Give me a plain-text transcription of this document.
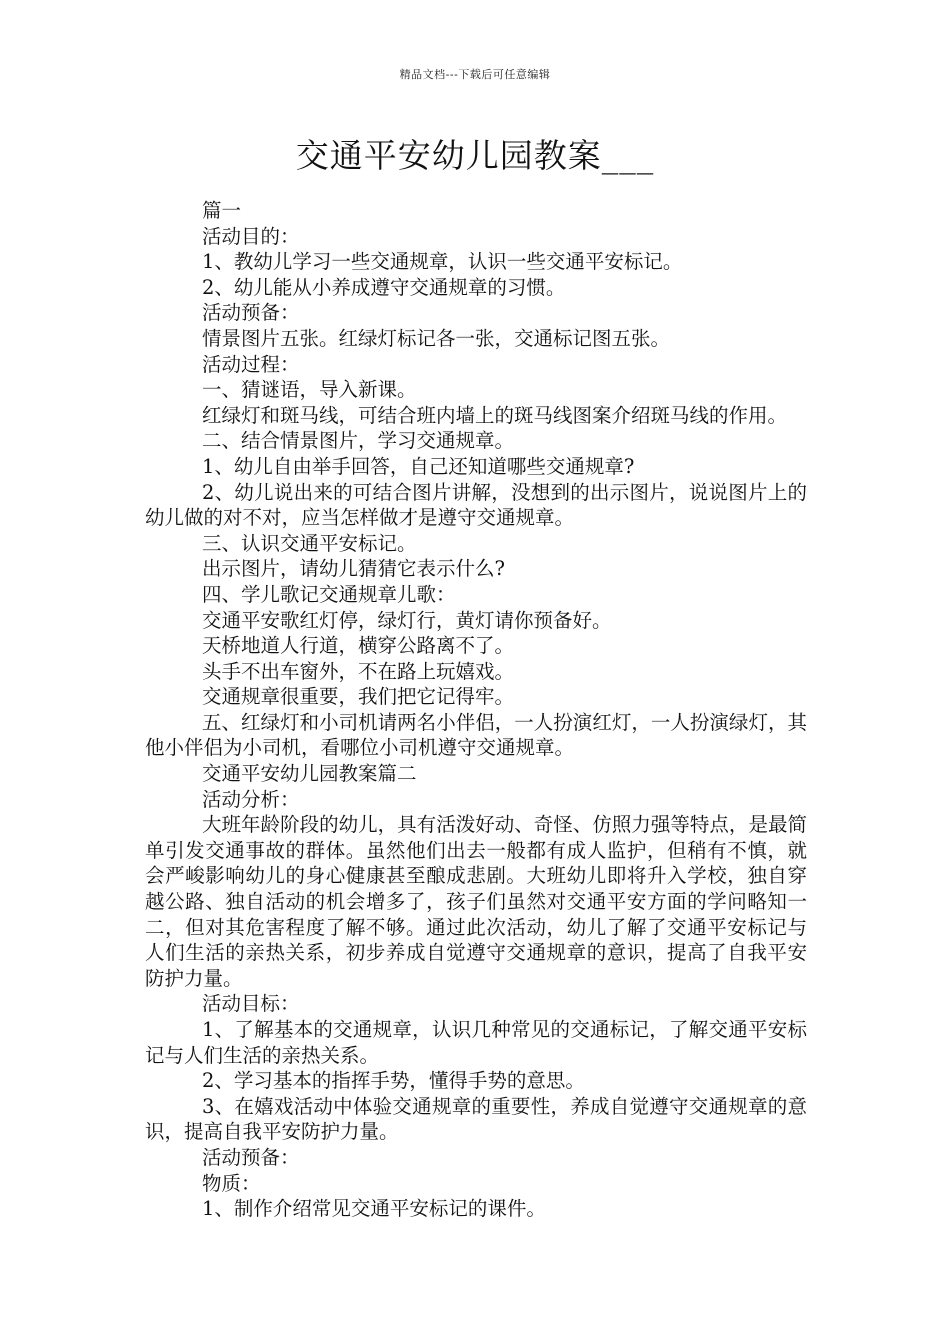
精品文档---下载后可任意编辑
交通平安幼儿园教案___

篇一

活动目的：

1、教幼儿学习一些交通规章，认识一些交通平安标记。

2、幼儿能从小养成遵守交通规章的习惯。

活动预备：

情景图片五张。红绿灯标记各一张，交通标记图五张。

活动过程：

一、猜谜语，导入新课。

红绿灯和斑马线，可结合班内墙上的斑马线图案介绍斑马线的作用。

二、结合情景图片，学习交通规章。

1、幼儿自由举手回答，自己还知道哪些交通规章?

2、幼儿说出来的可结合图片讲解，没想到的出示图片，说说图片上的幼儿做的对不对，应当怎样做才是遵守交通规章。

三、认识交通平安标记。

出示图片，请幼儿猜猜它表示什么?

四、学儿歌记交通规章儿歌：

交通平安歌红灯停，绿灯行，黄灯请你预备好。

天桥地道人行道，横穿公路离不了。

头手不出车窗外，不在路上玩嬉戏。

交通规章很重要，我们把它记得牢。

五、红绿灯和小司机请两名小伴侣，一人扮演红灯，一人扮演绿灯，其他小伴侣为小司机，看哪位小司机遵守交通规章。

交通平安幼儿园教案篇二

活动分析：

大班年龄阶段的幼儿，具有活泼好动、奇怪、仿照力强等特点，是最简单引发交通事故的群体。虽然他们出去一般都有成人监护，但稍有不慎，就会严峻影响幼儿的身心健康甚至酿成悲剧。大班幼儿即将升入学校，独自穿越公路、独自活动的机会增多了，孩子们虽然对交通平安方面的学问略知一二，但对其危害程度了解不够。通过此次活动，幼儿了解了交通平安标记与人们生活的亲热关系，初步养成自觉遵守交通规章的意识，提高了自我平安防护力量。

活动目标：

1、了解基本的交通规章，认识几种常见的交通标记，了解交通平安标记与人们生活的亲热关系。

2、学习基本的指挥手势，懂得手势的意思。

3、在嬉戏活动中体验交通规章的重要性，养成自觉遵守交通规章的意识，提高自我平安防护力量。

活动预备：

物质：

1、制作介绍常见交通平安标记的课件。
